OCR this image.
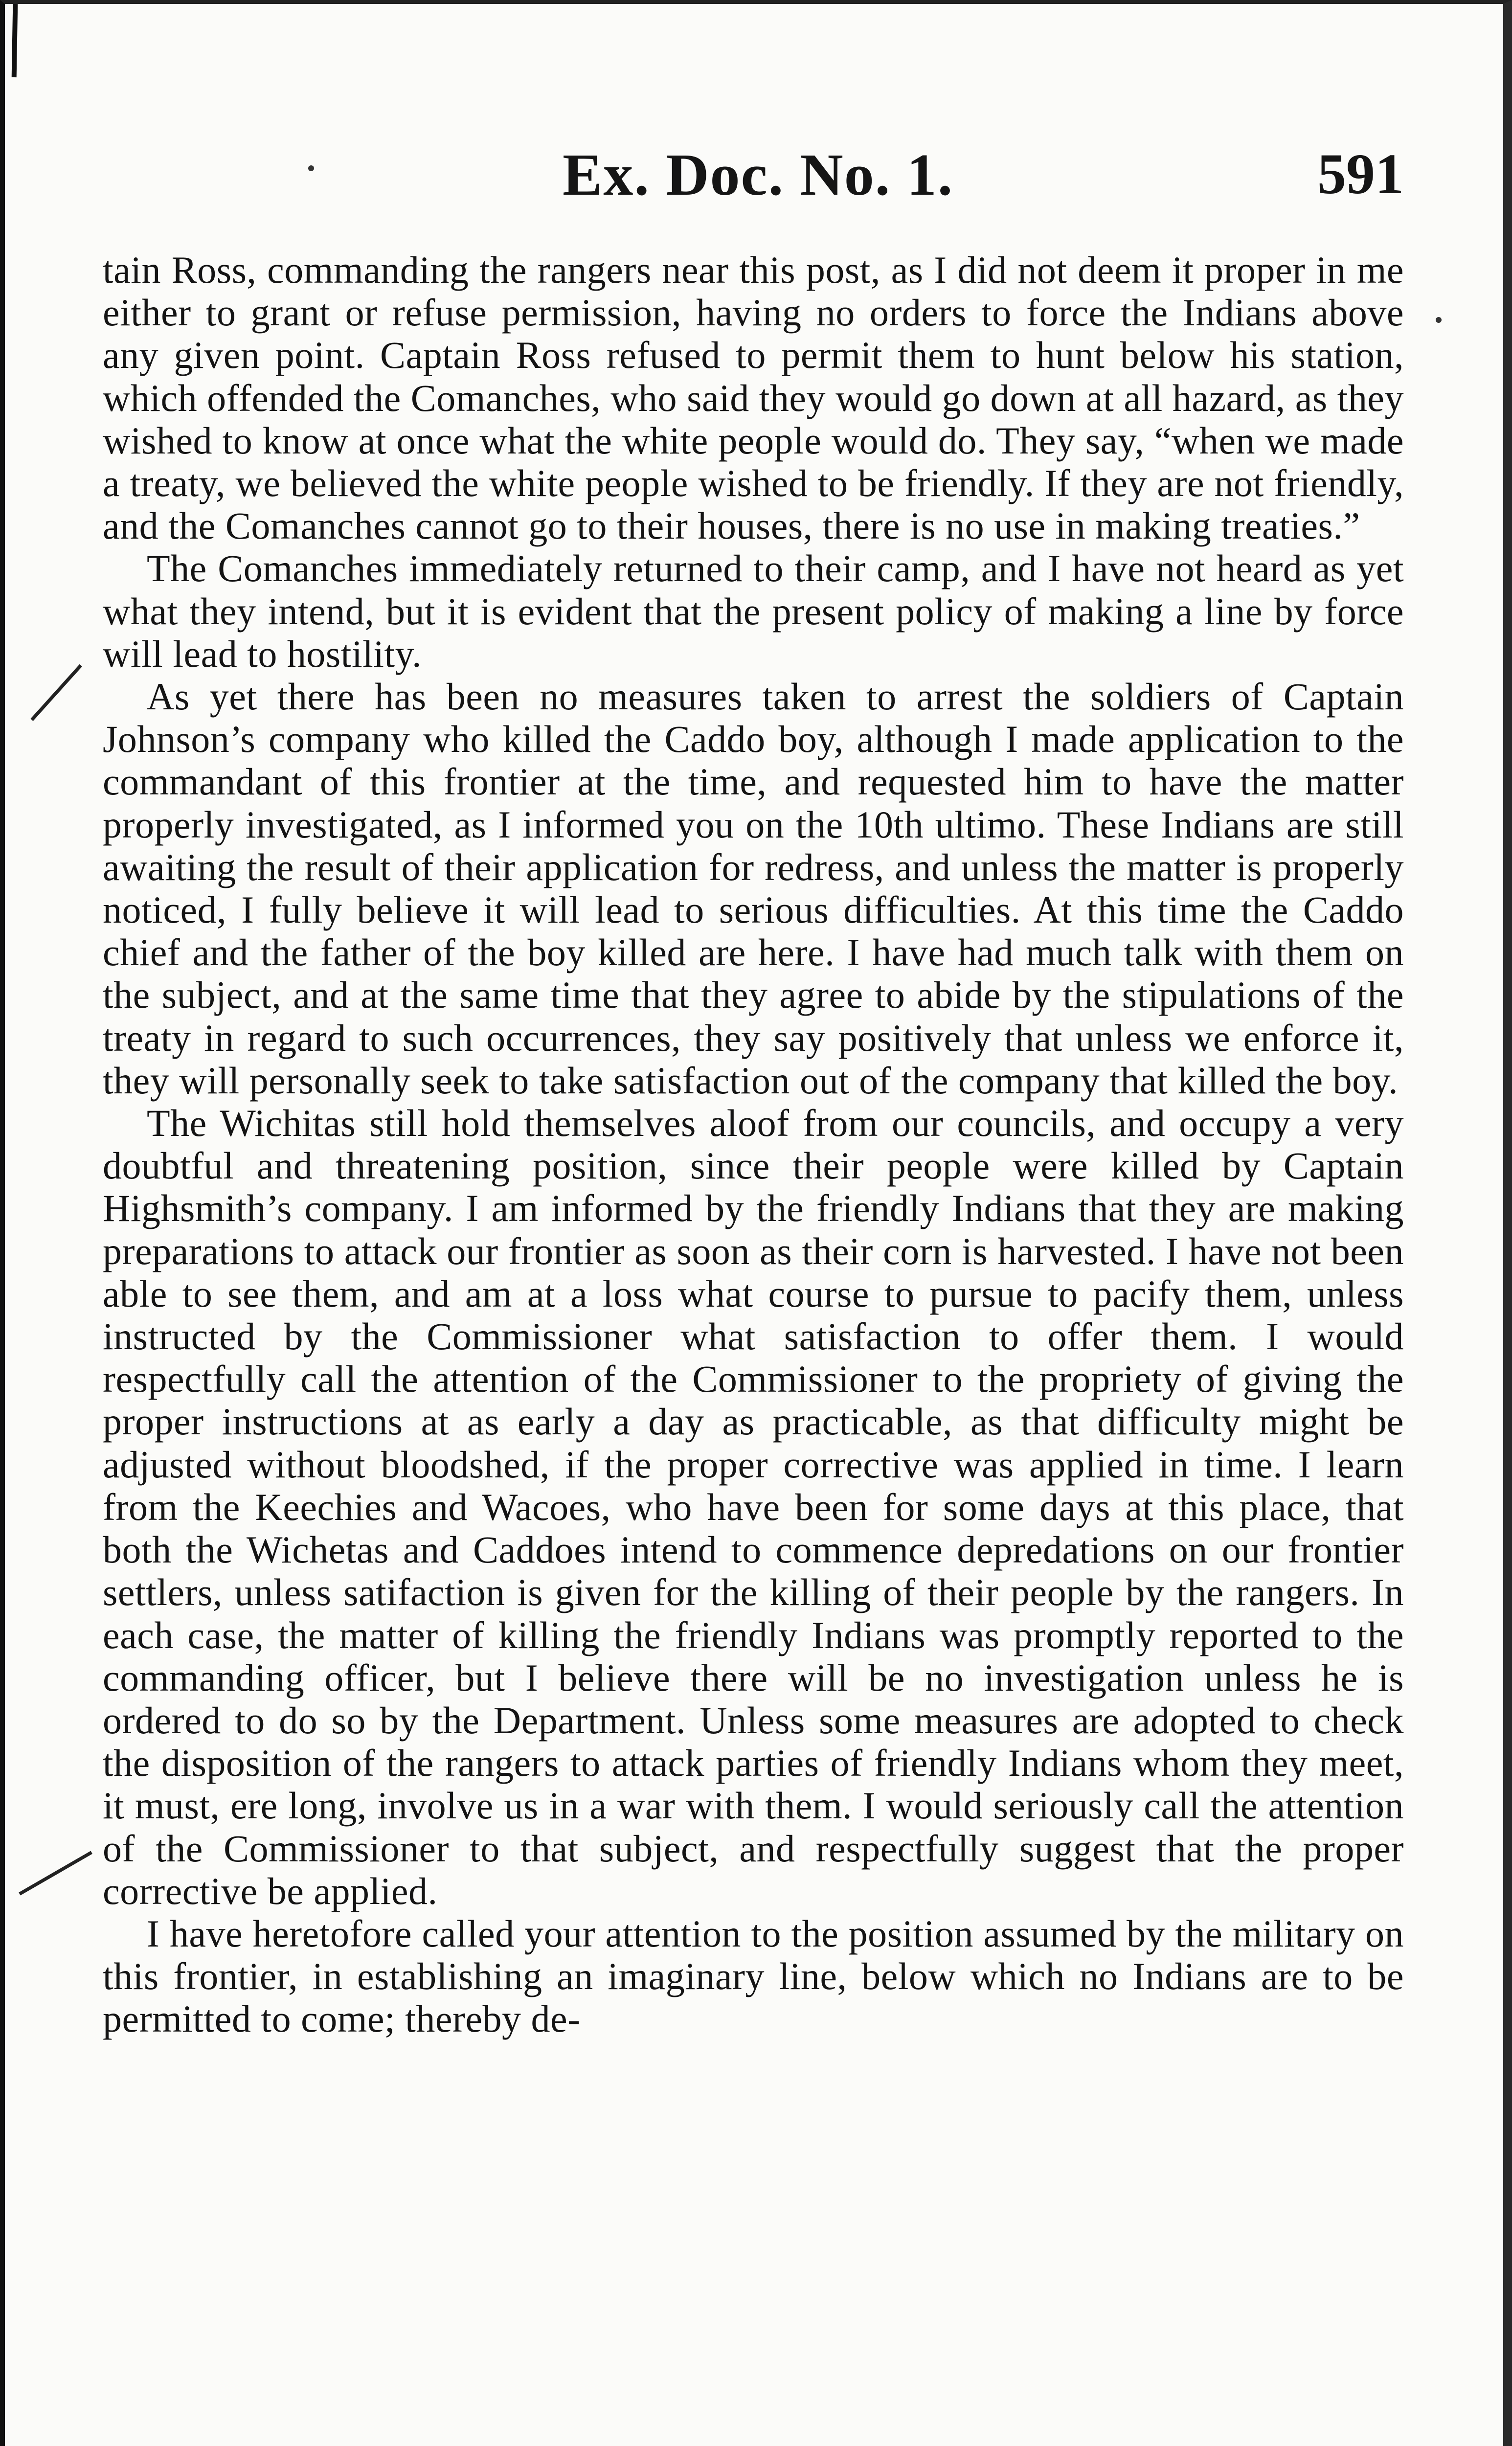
Ex. Doc. No. 1.	591

tain Ross, commanding the rangers near this post, as I did not deem it proper in me either to grant or refuse permission, having no orders to force the Indians above any given point. Captain Ross refused to permit them to hunt below his station, which offended the Comanches, who said they would go down at all hazard, as they wished to know at once what the white people would do. They say, “when we made a treaty, we believed the white people wished to be friendly. If they are not friendly, and the Comanches cannot go to their houses, there is no use in making treaties.”

The Comanches immediately returned to their camp, and I have not heard as yet what they intend, but it is evident that the present policy of making a line by force will lead to hostility.

As yet there has been no measures taken to arrest the soldiers of Captain Johnson’s company who killed the Caddo boy, although I made application to the commandant of this frontier at the time, and requested him to have the matter properly investigated, as I informed you on the 10th ultimo. These Indians are still awaiting the result of their application for redress, and unless the matter is properly noticed, I fully believe it will lead to serious difficulties. At this time the Caddo chief and the father of the boy killed are here. I have had much talk with them on the subject, and at the same time that they agree to abide by the stipulations of the treaty in regard to such occurrences, they say positively that unless we enforce it, they will personally seek to take satisfaction out of the company that killed the boy.

The Wichitas still hold themselves aloof from our councils, and occupy a very doubtful and threatening position, since their people were killed by Captain Highsmith’s company. I am informed by the friendly Indians that they are making preparations to attack our frontier as soon as their corn is harvested. I have not been able to see them, and am at a loss what course to pursue to pacify them, unless instructed by the Commissioner what satisfaction to offer them. I would respectfully call the attention of the Commissioner to the propriety of giving the proper instructions at as early a day as practicable, as that difficulty might be adjusted without bloodshed, if the proper corrective was applied in time. I learn from the Keechies and Wacoes, who have been for some days at this place, that both the Wichetas and Caddoes intend to commence depredations on our frontier settlers, unless satifaction is given for the killing of their people by the rangers. In each case, the matter of killing the friendly Indians was promptly reported to the commanding officer, but I believe there will be no investigation unless he is ordered to do so by the Department. Unless some measures are adopted to check the disposition of the rangers to attack parties of friendly Indians whom they meet, it must, ere long, involve us in a war with them. I would seriously call the attention of the Commissioner to that subject, and respectfully suggest that the proper corrective be applied.

I have heretofore called your attention to the position assumed by the military on this frontier, in establishing an imaginary line, below which no Indians are to be permitted to come; thereby de-
